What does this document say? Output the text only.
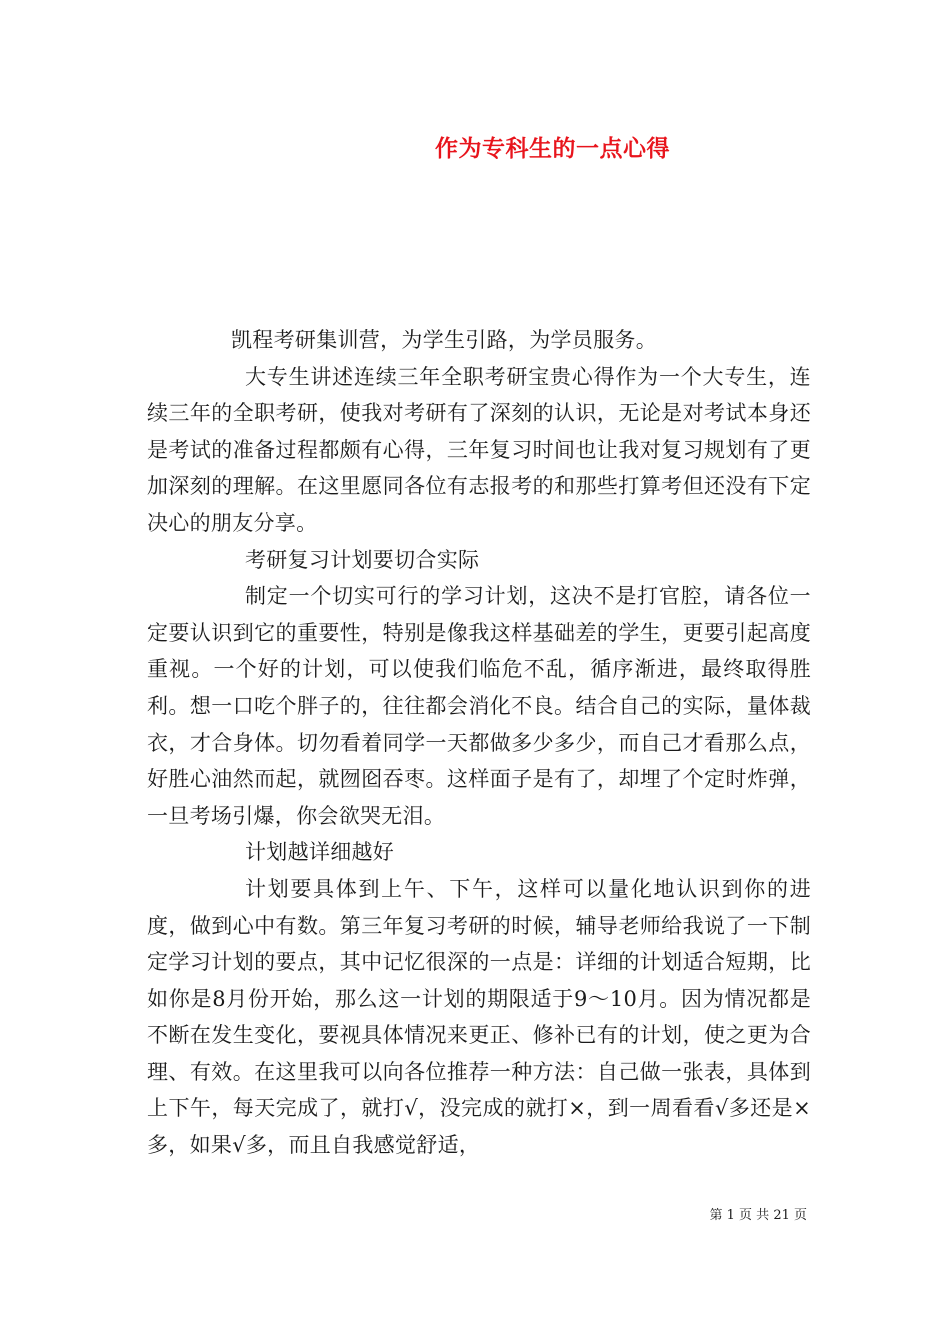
作为专科生的一点心得

凯程考研集训营，为学生引路，为学员服务。

大专生讲述连续三年全职考研宝贵心得作为一个大专生，连续三年的全职考研，使我对考研有了深刻的认识，无论是对考试本身还是考试的准备过程都颇有心得，三年复习时间也让我对复习规划有了更加深刻的理解。在这里愿同各位有志报考的和那些打算考但还没有下定决心的朋友分享。

考研复习计划要切合实际

制定一个切实可行的学习计划，这决不是打官腔，请各位一定要认识到它的重要性，特别是像我这样基础差的学生，更要引起高度重视。一个好的计划，可以使我们临危不乱，循序渐进，最终取得胜利。想一口吃个胖子的，往往都会消化不良。结合自己的实际，量体裁衣，才合身体。切勿看着同学一天都做多少多少，而自己才看那么点，好胜心油然而起，就囫囵吞枣。这样面子是有了，却埋了个定时炸弹，一旦考场引爆，你会欲哭无泪。

计划越详细越好

计划要具体到上午、下午，这样可以量化地认识到你的进度，做到心中有数。第三年复习考研的时候，辅导老师给我说了一下制定学习计划的要点，其中记忆很深的一点是：详细的计划适合短期，比如你是8月份开始，那么这一计划的期限适于9～10月。因为情况都是不断在发生变化，要视具体情况来更正、修补已有的计划，使之更为合理、有效。在这里我可以向各位推荐一种方法：自己做一张表，具体到上下午，每天完成了，就打√，没完成的就打×，到一周看看√多还是×多，如果√多，而且自我感觉舒适，

第 1 页 共 21 页
